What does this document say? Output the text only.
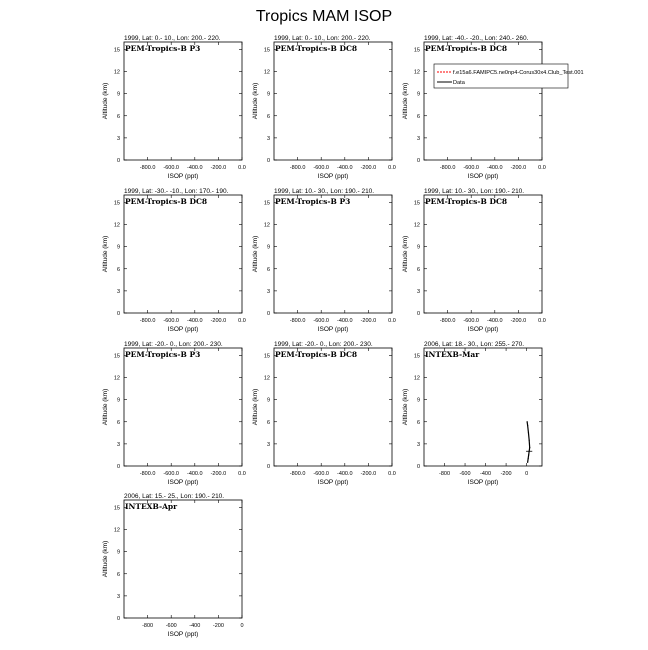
Tropics MAM ISOP
1999, Lat: 0.- 10., Lon: 200.- 220.
PEM-Tropics-B P3
0
3
6
9
12
15
-800.0 -600.0 -400.0 -200.0 0.0
ISOP (ppt)
Altitude (km)
1999, Lat: 0.- 10., Lon: 200.- 220.
PEM-Tropics-B DC8
0
3
6
9
12
15
-800.0 -600.0 -400.0 -200.0 0.0
ISOP (ppt)
Altitude (km)
1999, Lat: -40.- -20., Lon: 240.- 260.
PEM-Tropics-B DC8
0
3
6
9
12
15
-800.0 -600.0 -400.0 -200.0 0.0
ISOP (ppt)
Altitude (km)
f.e15a6.FAMIPC5.ne0np4-Corus30x4.Club_Test.001
Data
1999, Lat: -30.- -10., Lon: 170.- 190.
PEM-Tropics-B DC8
0
3
6
9
12
15
-800.0 -600.0 -400.0 -200.0 0.0
ISOP (ppt)
Altitude (km)
1999, Lat: 10.- 30., Lon: 190.- 210.
PEM-Tropics-B P3
0
3
6
9
12
15
-800.0 -600.0 -400.0 -200.0 0.0
ISOP (ppt)
Altitude (km)
1999, Lat: 10.- 30., Lon: 190.- 210.
PEM-Tropics-B DC8
0
3
6
9
12
15
-800.0 -600.0 -400.0 -200.0 0.0
ISOP (ppt)
Altitude (km)
1999, Lat: -20.- 0., Lon: 200.- 230.
PEM-Tropics-B P3
0
3
6
9
12
15
-800.0 -600.0 -400.0 -200.0 0.0
ISOP (ppt)
Altitude (km)
1999, Lat: -20.- 0., Lon: 200.- 230.
PEM-Tropics-B DC8
0
3
6
9
12
15
-800.0 -600.0 -400.0 -200.0 0.0
ISOP (ppt)
Altitude (km)
2006, Lat: 18.- 30., Lon: 255.- 270.
INTEXB-Mar
0
3
6
9
12
15
-800 -600 -400 -200 0
ISOP (ppt)
Altitude (km)
2006, Lat: 15.- 25., Lon: 190.- 210.
INTEXB-Apr
0
3
6
9
12
15
-800 -600 -400 -200	0
ISOP (ppt)
Altitude (km)
